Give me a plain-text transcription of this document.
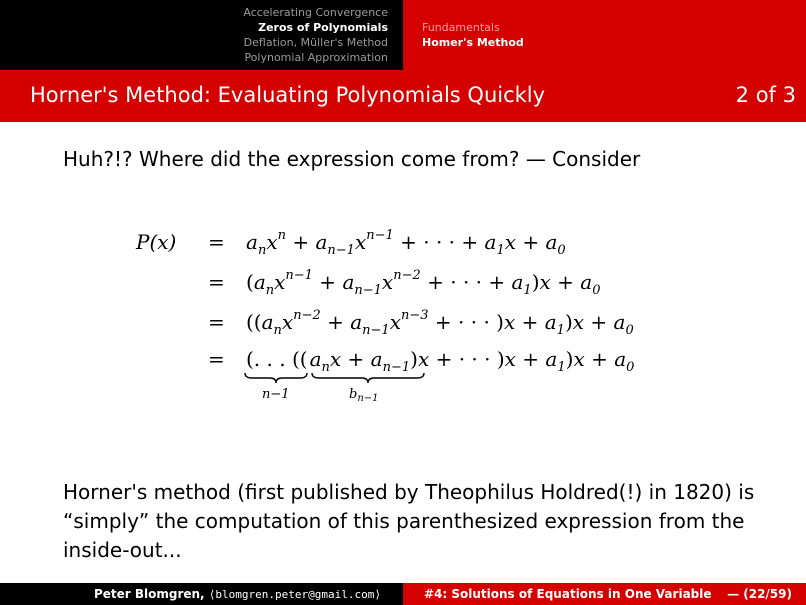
Accelerating Convergence
Zeros of Polynomials
Deflation, Müller's Method
Polynomial Approximation
Fundamentals
Homer's Method
Horner's Method: Evaluating Polynomials Quickly	2 of 3
Huh?!? Where did the expression come from? — Consider
$P(x) = a_nx^n + a_{n-1}x^{n-1}$ + · · · + $a_1x + a_0$
= ($a_nx^{n-1} + a_{n-1}x^{n-2}$ + · · · + $a_1)x + a_0$
= (($a_nx^{n-2} + a_{n-1}x^{n-3}$ + · · · )$x + a_1)x + a_0$
= (. . . (( $a_nx + a_{n-1})x$ + · · · )$x + a_1)x + a_0$
n−1	$b_{n-1}$
Horner's method (first published by Theophilus Holdred(!) in 1820) is “simply” the computation of this parenthesized expression from the inside-out...
Peter Blomgren, ⟨blomgren.peter@gmail.com⟩	#4: Solutions of Equations in One Variable — (22/59)
